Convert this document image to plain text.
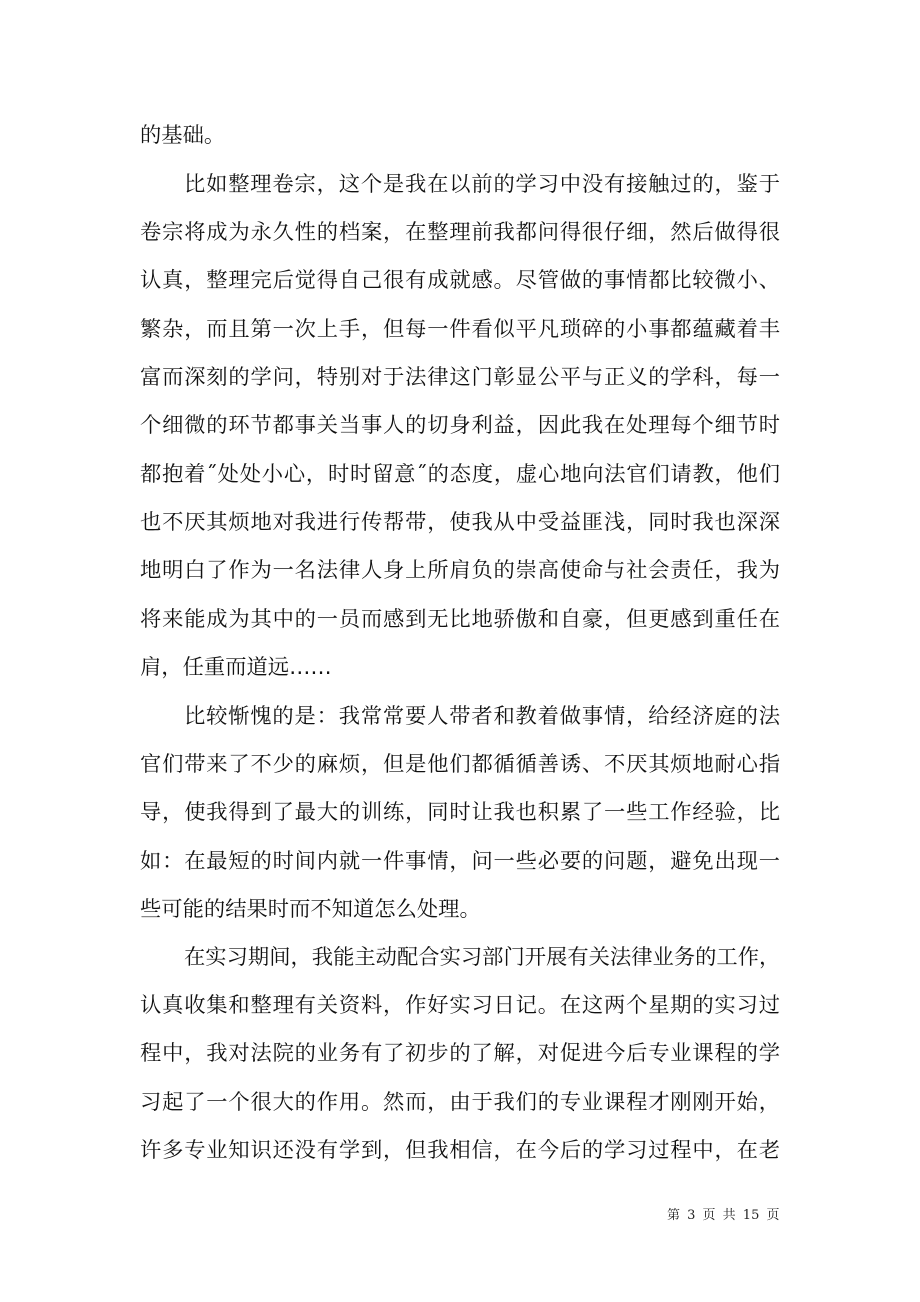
的基础。
比如整理卷宗，这个是我在以前的学习中没有接触过的，鉴于
卷宗将成为永久性的档案，在整理前我都问得很仔细，然后做得很
认真，整理完后觉得自己很有成就感。尽管做的事情都比较微小、
繁杂，而且第一次上手，但每一件看似平凡琐碎的小事都蕴藏着丰
富而深刻的学问，特别对于法律这门彰显公平与正义的学科，每一
个细微的环节都事关当事人的切身利益，因此我在处理每个细节时
都抱着˝处处小心，时时留意˝的态度，虚心地向法官们请教，他们
也不厌其烦地对我进行传帮带，使我从中受益匪浅，同时我也深深
地明白了作为一名法律人身上所肩负的崇高使命与社会责任，我为
将来能成为其中的一员而感到无比地骄傲和自豪，但更感到重任在
肩，任重而道远……
比较惭愧的是：我常常要人带者和教着做事情，给经济庭的法
官们带来了不少的麻烦，但是他们都循循善诱、不厌其烦地耐心指
导，使我得到了最大的训练，同时让我也积累了一些工作经验，比
如：在最短的时间内就一件事情，问一些必要的问题，避免出现一
些可能的结果时而不知道怎么处理。
在实习期间，我能主动配合实习部门开展有关法律业务的工作，
认真收集和整理有关资料，作好实习日记。在这两个星期的实习过
程中，我对法院的业务有了初步的了解，对促进今后专业课程的学
习起了一个很大的作用。然而，由于我们的专业课程才刚刚开始，
许多专业知识还没有学到，但我相信，在今后的学习过程中，在老
第 3 页 共 15 页
